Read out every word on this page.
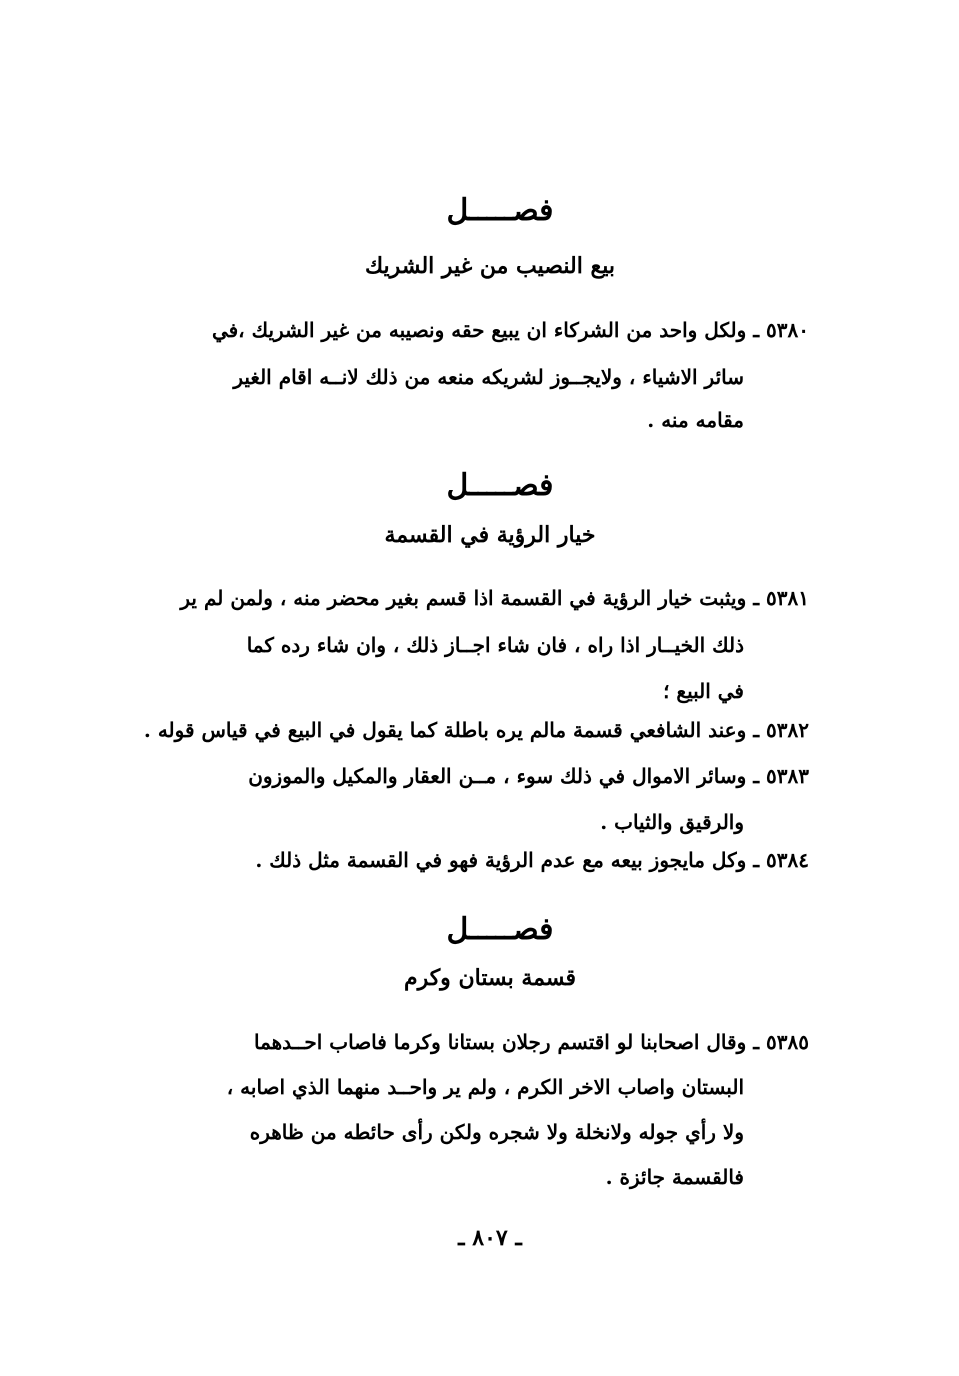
فصـــــل
بيع النصيب من غير الشريك
٥٣٨٠ ـ ولكل واحد من الشركاء ان يبيع حقه ونصيبه من غير الشريك ،في
سائر الاشياء ، ولايجــوز لشريكه منعه من ذلك لانــه اقام الغير
مقامه منه .
فصـــــل
خيار الرؤية في القسمة
٥٣٨١ ـ ويثبت خيار الرؤية في القسمة اذا قسم بغير محضر منه ، ولمن لم ير
ذلك الخيــار اذا راه ، فان شاء اجــاز ذلك ، وان شاء رده كما
في البيع ؛
٥٣٨٢ ـ وعند الشافعي قسمة مالم يره باطلة كما يقول في البيع في قياس قوله .
٥٣٨٣ ـ وسائر الاموال في ذلك سوء ، مــن العقار والمكيل والموزون
والرقيق والثياب .
٥٣٨٤ ـ وكل مايجوز بيعه مع عدم الرؤية فهو في القسمة مثل ذلك .
فصـــــل
قسمة بستان وكرم
٥٣٨٥ ـ وقال اصحابنا لو اقتسم رجلان بستانا وكرما فاصاب احــدهما
البستان واصاب الاخر الكرم ، ولم ير واحــد منهما الذي اصابه ،
ولا رأي جوله ولانخلة ولا شجره ولكن رأى حائطه من ظاهره
فالقسمة جائزة .
ـ ٨٠٧ ـ
